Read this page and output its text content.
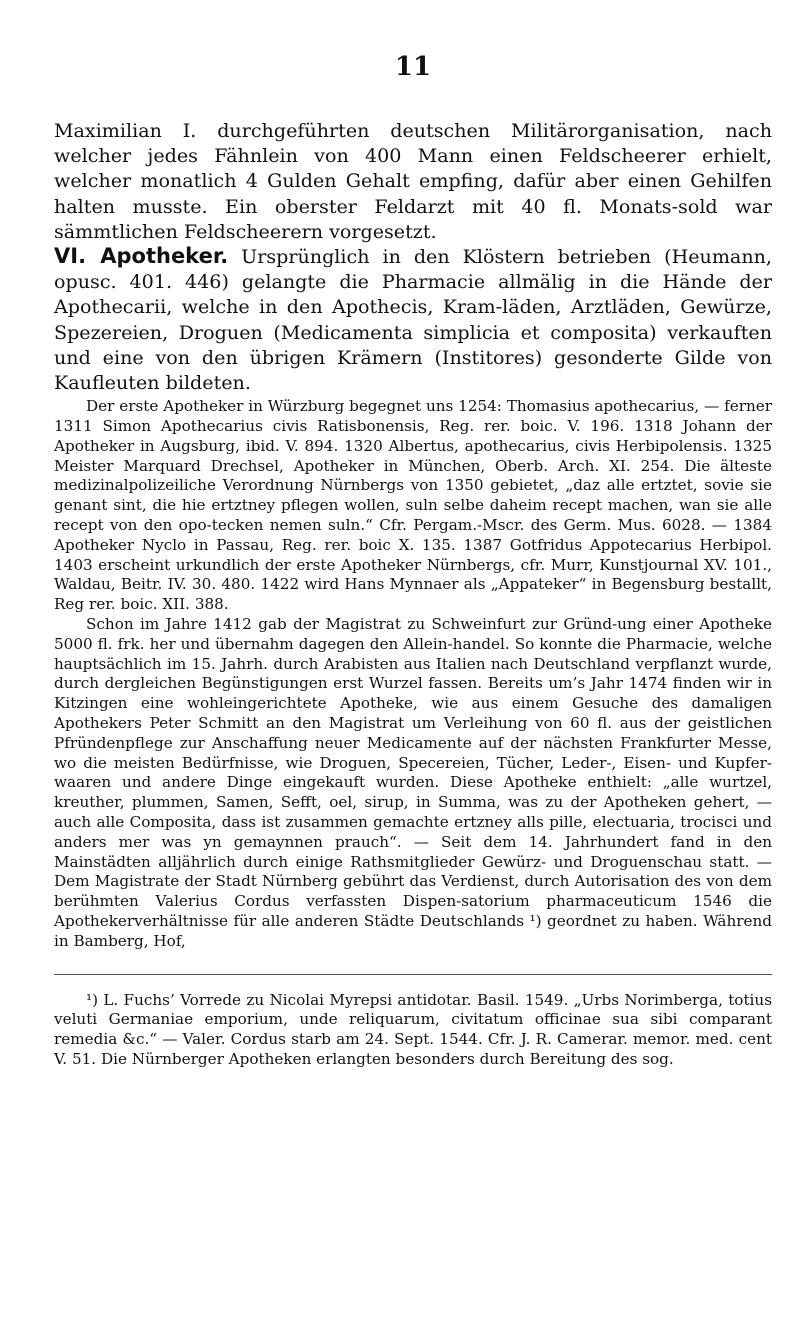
11

Maximilian I. durchgeführten deutschen Militärorganisation, nach welcher jedes Fähnlein von 400 Mann einen Feldscheerer erhielt, welcher monatlich 4 Gulden Gehalt empfing, dafür aber einen Gehilfen halten musste. Ein oberster Feldarzt mit 40 fl. Monats-sold war sämmtlichen Feldscheerern vorgesetzt.

VI. Apotheker. Ursprünglich in den Klöstern betrieben (Heumann, opusc. 401. 446) gelangte die Pharmacie allmälig in die Hände der Apothecarii, welche in den Apothecis, Kram-läden, Arztläden, Gewürze, Spezereien, Droguen (Medicamenta simplicia et composita) verkauften und eine von den übrigen Krämern (Institores) gesonderte Gilde von Kaufleuten bildeten.

Der erste Apotheker in Würzburg begegnet uns 1254: Thomasius apothecarius, — ferner 1311 Simon Apothecarius civis Ratisbonensis, Reg. rer. boic. V. 196. 1318 Johann der Apotheker in Augsburg, ibid. V. 894. 1320 Albertus, apothecarius, civis Herbipolensis. 1325 Meister Marquard Drechsel, Apotheker in München, Oberb. Arch. XI. 254. Die älteste medizinalpolizeiliche Verordnung Nürnbergs von 1350 gebietet, „daz alle ertztet, sovie sie genant sint, die hie ertztney pflegen wollen, suln selbe daheim recept machen, wan sie alle recept von den opo-tecken nemen suln.“ Cfr. Pergam.-Mscr. des Germ. Mus. 6028. — 1384 Apotheker Nyclo in Passau, Reg. rer. boic X. 135. 1387 Gotfridus Appotecarius Herbipol. 1403 erscheint urkundlich der erste Apotheker Nürnbergs, cfr. Murr, Kunstjournal XV. 101., Waldau, Beitr. IV. 30. 480. 1422 wird Hans Mynnaer als „Appateker“ in Begensburg bestallt, Reg rer. boic. XII. 388.

Schon im Jahre 1412 gab der Magistrat zu Schweinfurt zur Gründ-ung einer Apotheke 5000 fl. frk. her und übernahm dagegen den Allein-handel. So konnte die Pharmacie, welche hauptsächlich im 15. Jahrh. durch Arabisten aus Italien nach Deutschland verpflanzt wurde, durch dergleichen Begünstigungen erst Wurzel fassen. Bereits um’s Jahr 1474 finden wir in Kitzingen eine wohleingerichtete Apotheke, wie aus einem Gesuche des damaligen Apothekers Peter Schmitt an den Magistrat um Verleihung von 60 fl. aus der geistlichen Pfründenpflege zur Anschaffung neuer Medicamente auf der nächsten Frankfurter Messe, wo die meisten Bedürfnisse, wie Droguen, Specereien, Tücher, Leder-, Eisen- und Kupfer-waaren und andere Dinge eingekauft wurden. Diese Apotheke enthielt: „alle wurtzel, kreuther, plummen, Samen, Sefft, oel, sirup, in Summa, was zu der Apotheken gehert, — auch alle Composita, dass ist zusammen gemachte ertzney alls pille, electuaria, trocisci und anders mer was yn gemaynnen prauch“. — Seit dem 14. Jahrhundert fand in den Mainstädten alljährlich durch einige Rathsmitglieder Gewürz- und Droguenschau statt. — Dem Magistrate der Stadt Nürnberg gebührt das Verdienst, durch Autorisation des von dem berühmten Valerius Cordus verfassten Dispen-satorium pharmaceuticum 1546 die Apothekerverhältnisse für alle anderen Städte Deutschlands ¹) geordnet zu haben. Während in Bamberg, Hof,

¹) L. Fuchs’ Vorrede zu Nicolai Myrepsi antidotar. Basil. 1549. „Urbs Norimberga, totius veluti Germaniae emporium, unde reliquarum, civitatum officinae sua sibi comparant remedia &c.“ — Valer. Cordus starb am 24. Sept. 1544. Cfr. J. R. Camerar. memor. med. cent V. 51. Die Nürnberger Apotheken erlangten besonders durch Bereitung des sog.
